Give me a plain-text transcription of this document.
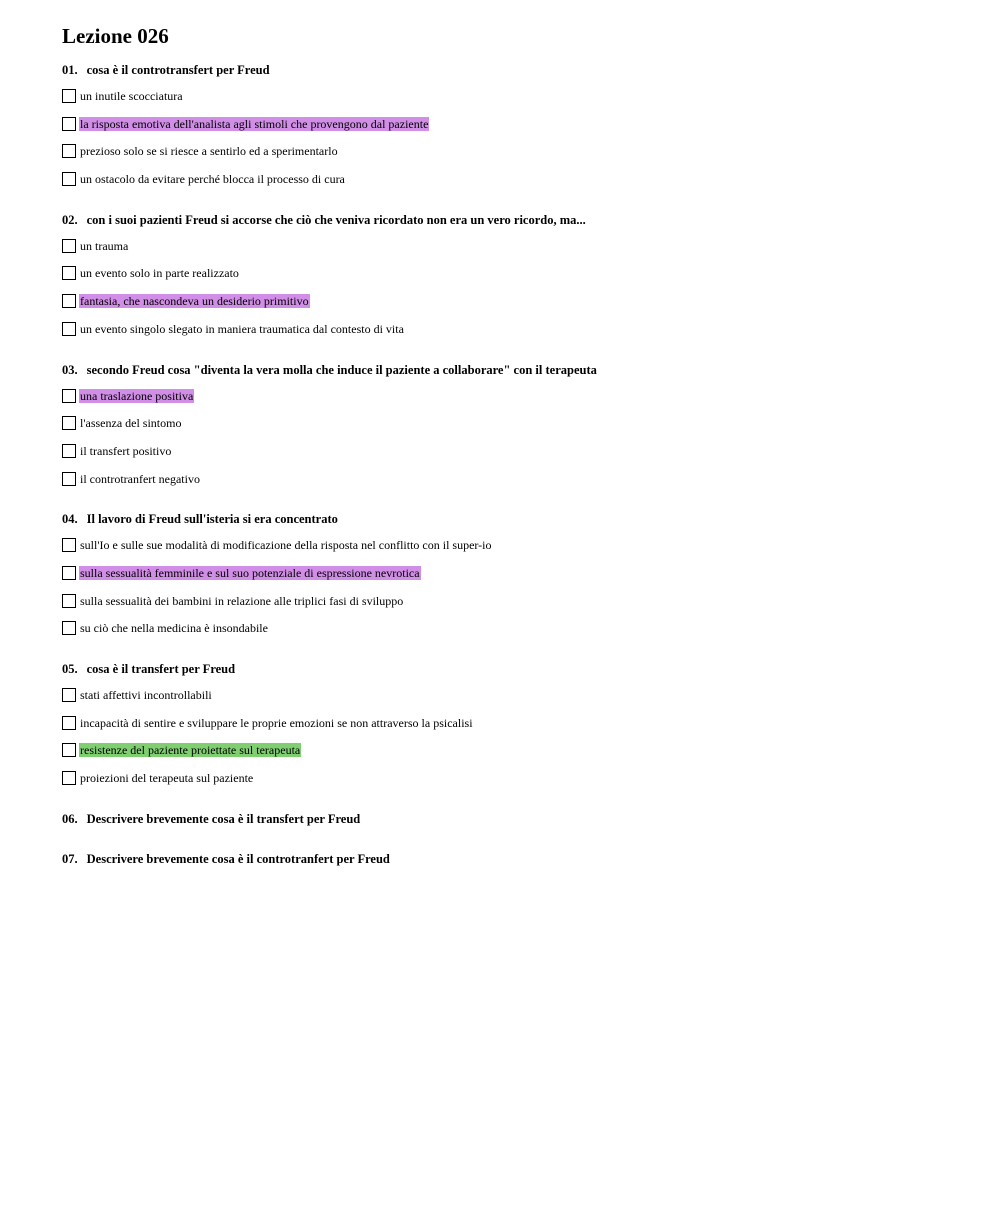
Lezione 026
01. cosa è il controtransfert per Freud
un inutile scocciatura
la risposta emotiva dell'analista agli stimoli che provengono dal paziente
prezioso solo se si riesce a sentirlo ed a sperimentarlo
un ostacolo da evitare perché blocca il processo di cura
02. con i suoi pazienti Freud si accorse che ciò che veniva ricordato non era un vero ricordo, ma...
un trauma
un evento solo in parte realizzato
fantasia, che nascondeva un desiderio primitivo
un evento singolo slegato in maniera traumatica dal contesto di vita
03. secondo Freud cosa "diventa la vera molla che induce il paziente a collaborare" con il terapeuta
una traslazione positiva
l'assenza del sintomo
il transfert positivo
il controtranfert negativo
04. Il lavoro di Freud sull'isteria si era concentrato
sull'Io e sulle sue modalità di modificazione della risposta nel conflitto con il super-io
sulla sessualità femminile e sul suo potenziale di espressione nevrotica
sulla sessualità dei bambini in relazione alle triplici fasi di sviluppo
su ciò che nella medicina è insondabile
05. cosa è il transfert per Freud
stati affettivi incontrollabili
incapacità di sentire e sviluppare le proprie emozioni se non attraverso la psicalisi
resistenze del paziente proiettate sul terapeuta
proiezioni del terapeuta sul paziente
06. Descrivere brevemente cosa è il transfert per Freud
07. Descrivere brevemente cosa è il controtranfert per Freud
